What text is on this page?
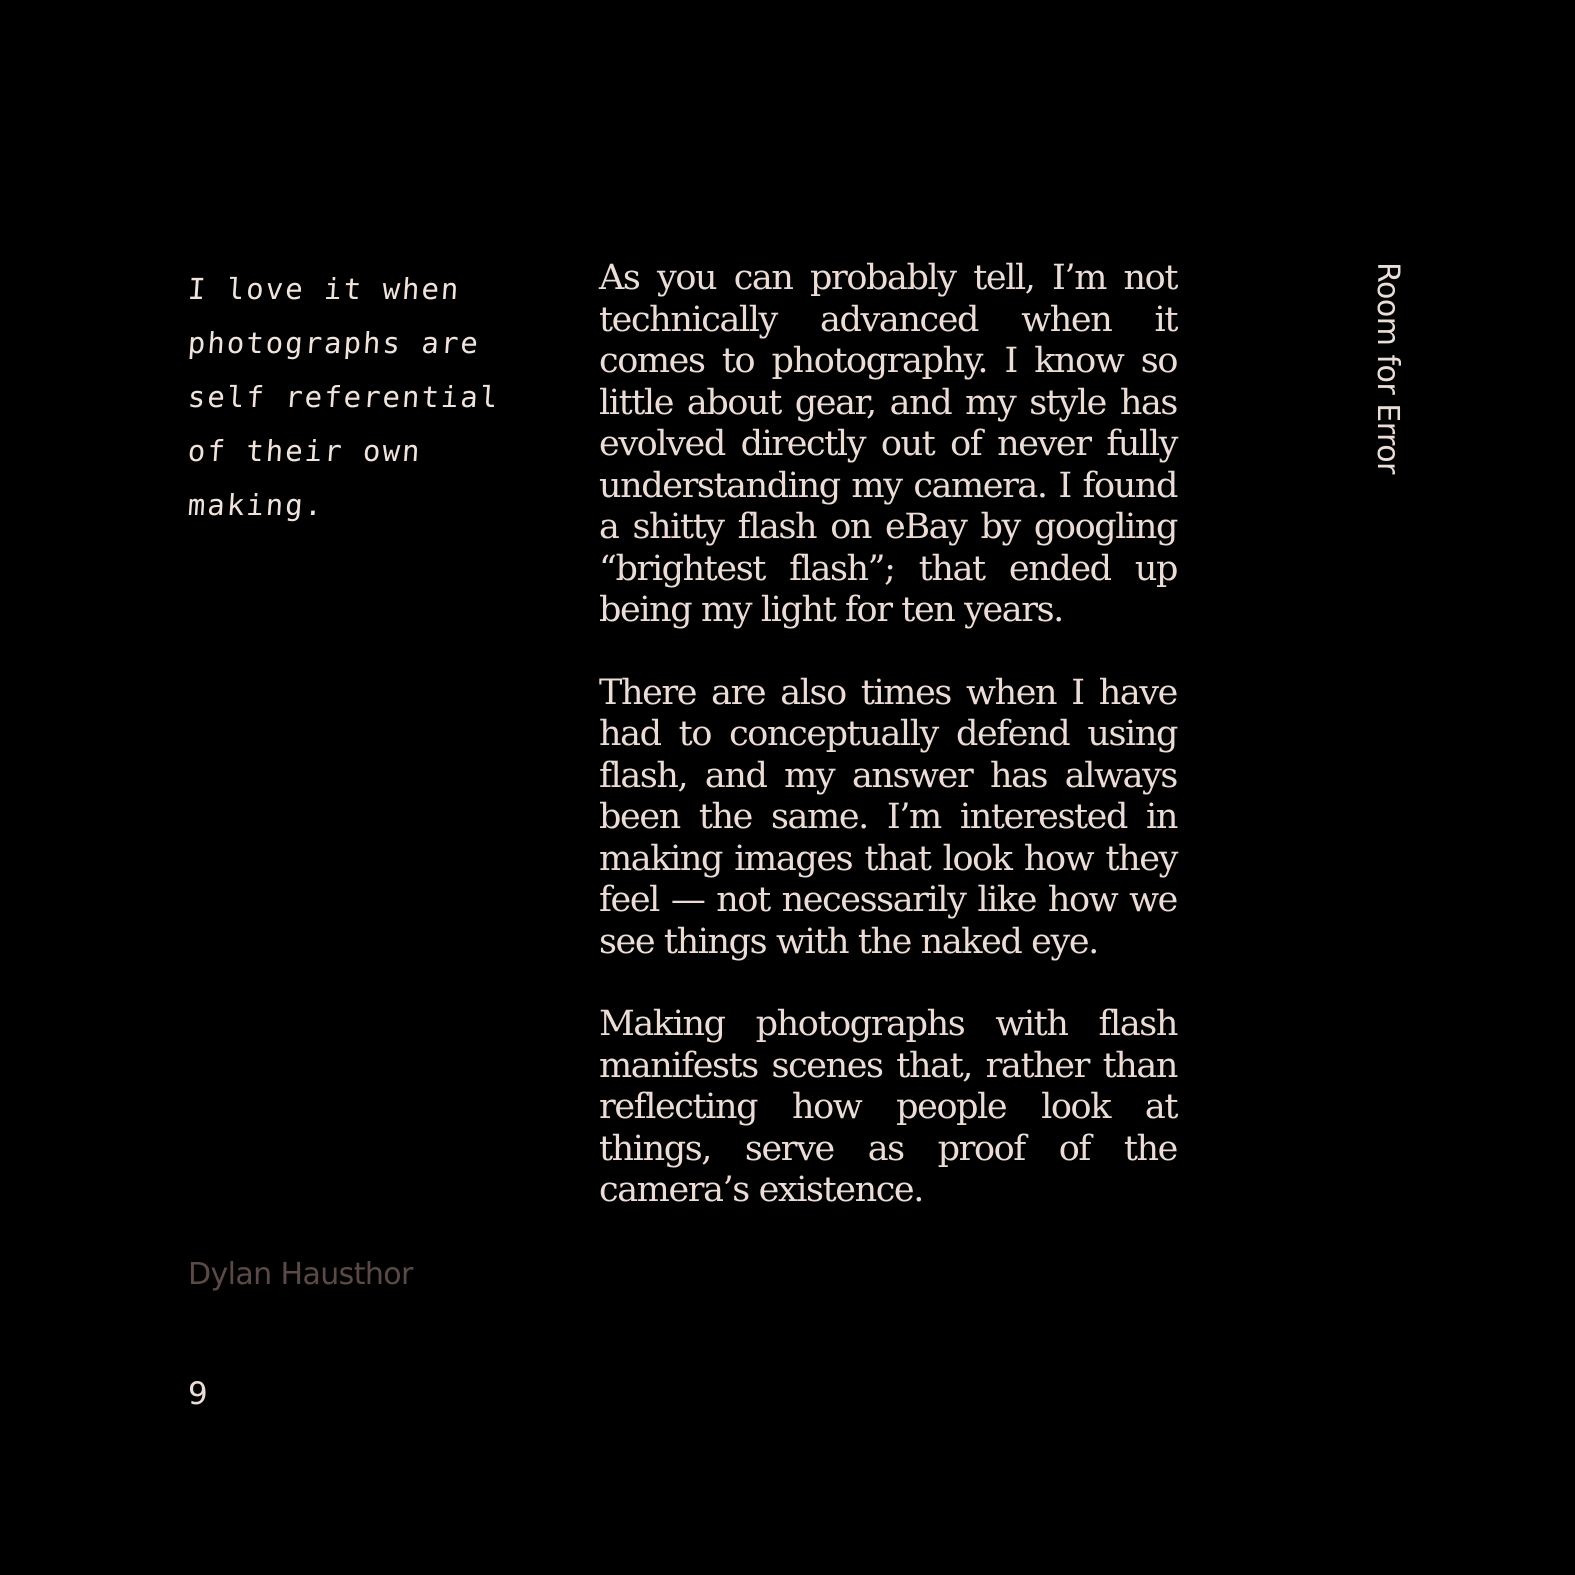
I love it when
photographs are
self referential
of their own
making.

As you can probably tell, I’m not technically advanced when it comes to photography. I know so little about gear, and my style has evolved directly out of never fully understanding my camera. I found a shitty flash on eBay by googling “brightest flash”; that ended up being my light for ten years.

There are also times when I have had to conceptually defend using flash, and my answer has always been the same. I’m interested in making images that look how they feel — not necessarily like how we see things with the naked eye.

Making photographs with flash manifests scenes that, rather than reflecting how people look at things, serve as proof of the camera’s existence.

Room for Error
Dylan Hausthor
9
